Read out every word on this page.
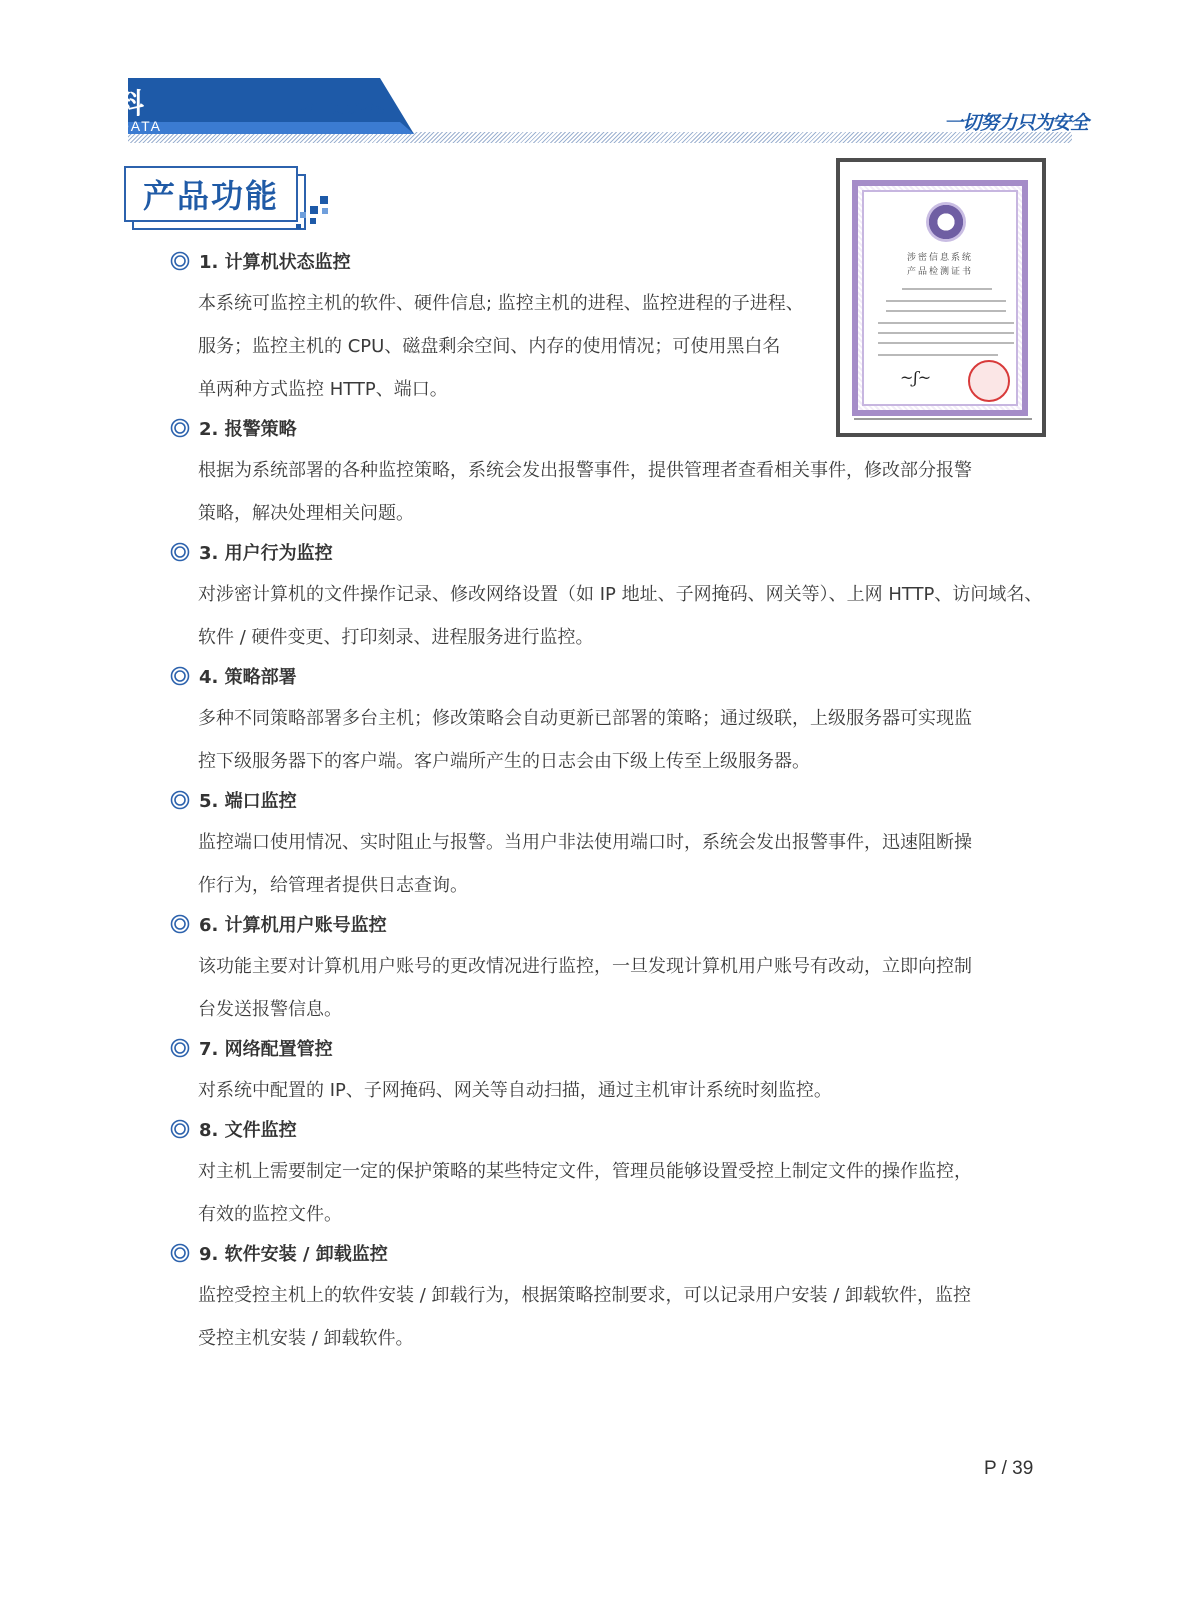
软件资料
SOFTWARE DATA
windows
一切努力只为安全
产品功能
涉密信息系统
产品检测证书
~ʃ~
1. 计算机状态监控
本系统可监控主机的软件、硬件信息; 监控主机的进程、监控进程的子进程、
服务；监控主机的 CPU、磁盘剩余空间、内存的使用情况；可使用黑白名
单两种方式监控 HTTP、端口。
2. 报警策略
根据为系统部署的各种监控策略，系统会发出报警事件，提供管理者查看相关事件，修改部分报警
策略，解决处理相关问题。
3. 用户行为监控
对涉密计算机的文件操作记录、修改网络设置（如 IP 地址、子网掩码、网关等）、上网 HTTP、访问域名、
软件 / 硬件变更、打印刻录、进程服务进行监控。
4. 策略部署
多种不同策略部署多台主机；修改策略会自动更新已部署的策略；通过级联，上级服务器可实现监
控下级服务器下的客户端。客户端所产生的日志会由下级上传至上级服务器。
5. 端口监控
监控端口使用情况、实时阻止与报警。当用户非法使用端口时，系统会发出报警事件，迅速阻断操
作行为，给管理者提供日志查询。
6. 计算机用户账号监控
该功能主要对计算机用户账号的更改情况进行监控，一旦发现计算机用户账号有改动，立即向控制
台发送报警信息。
7. 网络配置管控
对系统中配置的 IP、子网掩码、网关等自动扫描，通过主机审计系统时刻监控。
8. 文件监控
对主机上需要制定一定的保护策略的某些特定文件，管理员能够设置受控上制定文件的操作监控，
有效的监控文件。
9. 软件安装 / 卸载监控
监控受控主机上的软件安装 / 卸载行为，根据策略控制要求，可以记录用户安装 / 卸载软件，监控
受控主机安装 / 卸载软件。
P / 39
